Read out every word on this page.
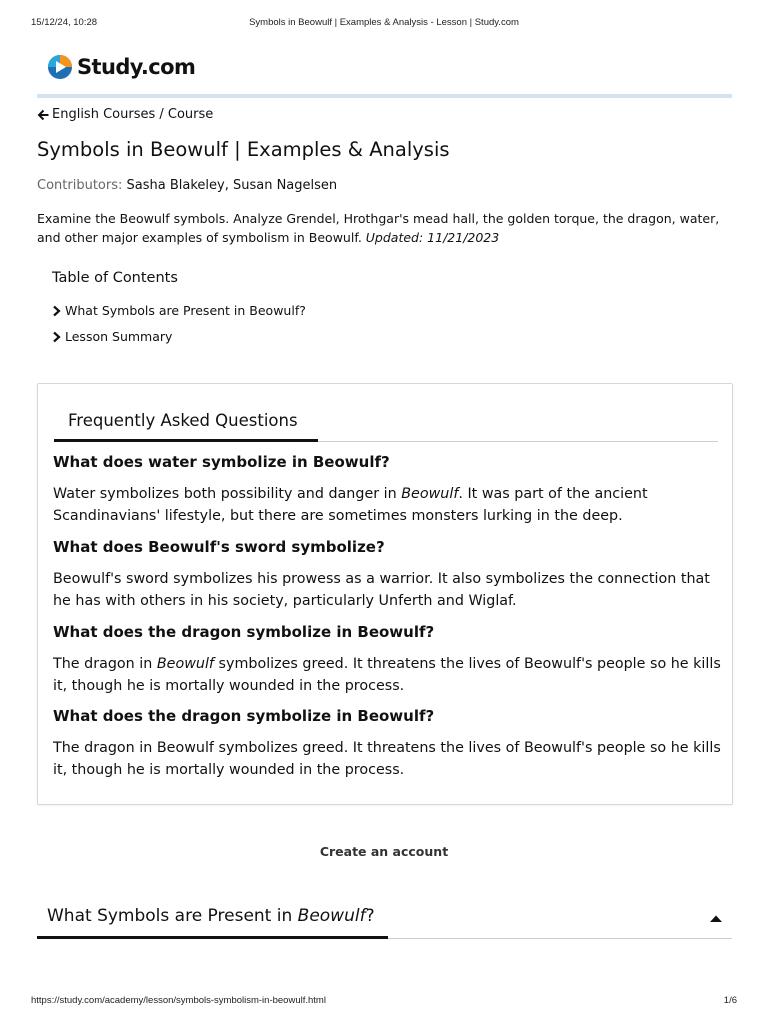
15/12/24, 10:28	Symbols in Beowulf | Examples & Analysis - Lesson | Study.com
Study.com
English Courses / Course
Symbols in Beowulf | Examples & Analysis
Contributors: Sasha Blakeley, Susan Nagelsen

Examine the Beowulf symbols. Analyze Grendel, Hrothgar's mead hall, the golden torque, the dragon, water, and other major examples of symbolism in Beowulf. Updated: 11/21/2023

Table of Contents
What Symbols are Present in Beowulf?
Lesson Summary
Frequently Asked Questions
What does water symbolize in Beowulf?

Water symbolizes both possibility and danger in Beowulf. It was part of the ancient Scandinavians' lifestyle, but there are sometimes monsters lurking in the deep.

What does Beowulf's sword symbolize?

Beowulf's sword symbolizes his prowess as a warrior. It also symbolizes the connection that he has with others in his society, particularly Unferth and Wiglaf.

What does the dragon symbolize in Beowulf?

The dragon in Beowulf symbolizes greed. It threatens the lives of Beowulf's people so he kills it, though he is mortally wounded in the process.

What does the dragon symbolize in Beowulf?

The dragon in Beowulf symbolizes greed. It threatens the lives of Beowulf's people so he kills it, though he is mortally wounded in the process.

Create an account
What Symbols are Present in Beowulf?
https://study.com/academy/lesson/symbols-symbolism-in-beowulf.html	1/6
